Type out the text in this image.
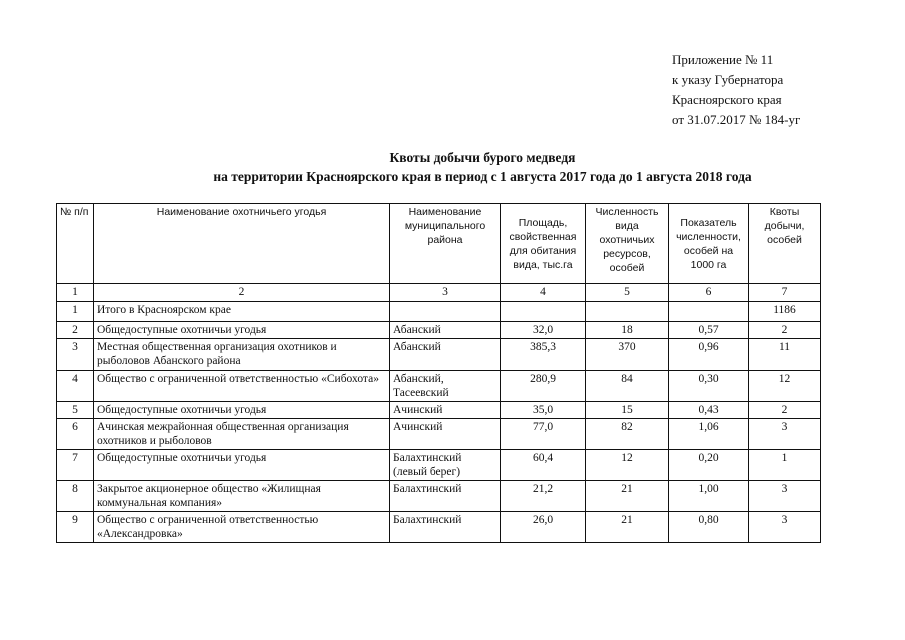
Приложение № 11
к указу Губернатора
Красноярского края
от 31.07.2017 № 184-уг
Квоты добычи бурого медведя
на территории Красноярского края в период с 1 августа 2017 года до 1 августа 2018 года
№ п/п	Наименование охотничьего угодья	Наименование муниципального района	Площадь, свойственная для обитания вида, тыс.га	Численность вида охотничьих ресурсов, особей	Показатель численности, особей на 1000 га	Квоты добычи, особей
1	2	3	4	5	6	7
1	Итого в Красноярском крае					1186
2	Общедоступные охотничьи угодья	Абанский	32,0	18	0,57	2
3	Местная общественная организация охотников и рыболовов Абанского района	Абанский	385,3	370	0,96	11
4	Общество с ограниченной ответственностью «Сибохота»	Абанский, Тасеевский	280,9	84	0,30	12
5	Общедоступные охотничьи угодья	Ачинский	35,0	15	0,43	2
6	Ачинская межрайонная общественная организация охотников и рыболовов	Ачинский	77,0	82	1,06	3
7	Общедоступные охотничьи угодья	Балахтинский (левый берег)	60,4	12	0,20	1
8	Закрытое акционерное общество «Жилищная коммунальная компания»	Балахтинский	21,2	21	1,00	3
9	Общество с ограниченной ответственностью «Александровка»	Балахтинский	26,0	21	0,80	3
